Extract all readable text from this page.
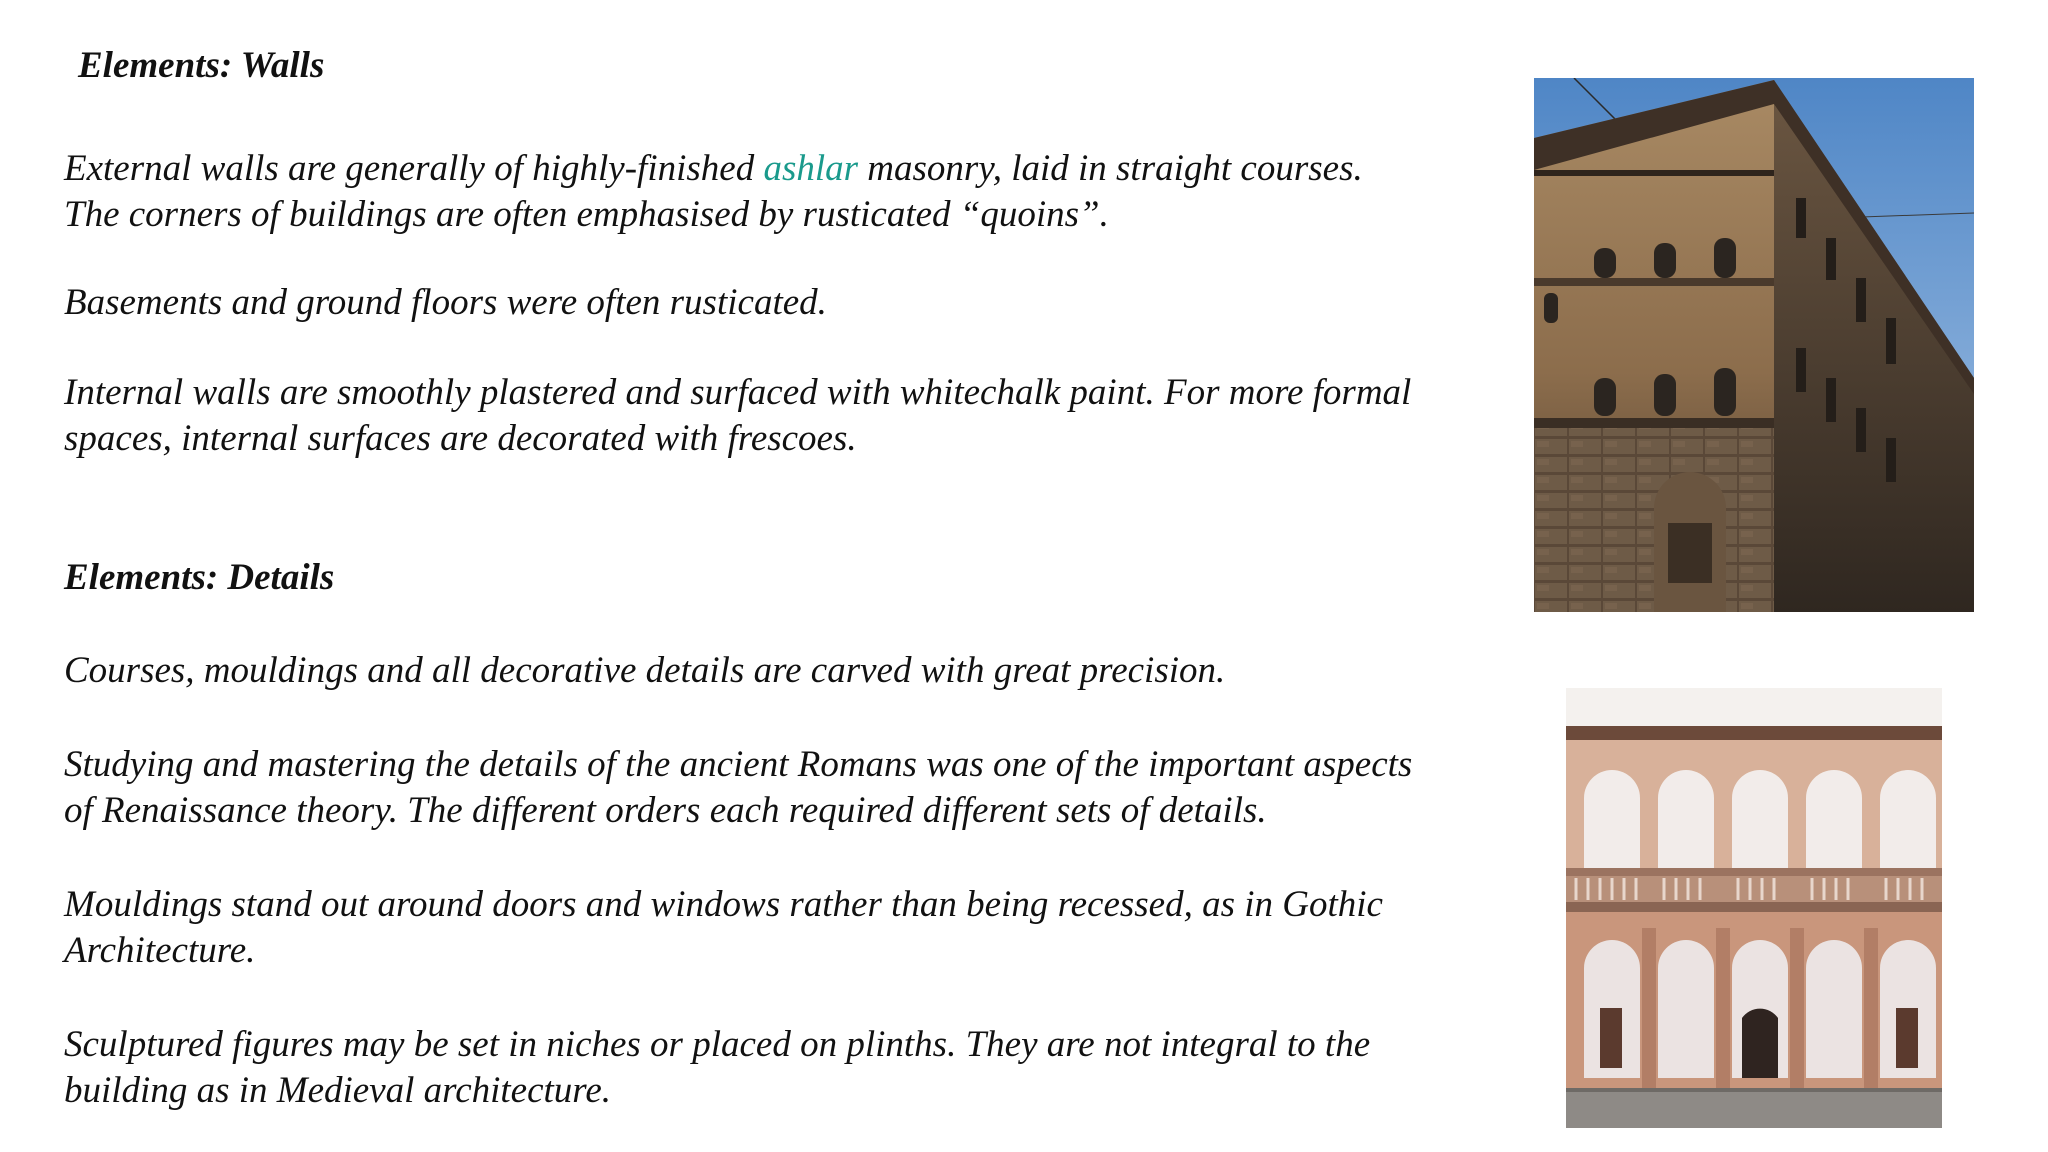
Elements: Walls
External walls are generally of highly-finished ashlar masonry, laid in straight courses.
The corners of buildings are often emphasised by rusticated “quoins”.
Basements and ground floors were often rusticated.
Internal walls are smoothly plastered and surfaced with whitechalk paint. For more formal
spaces, internal surfaces are decorated with frescoes.
Elements: Details
Courses, mouldings and all decorative details are carved with great precision.
Studying and mastering the details of the ancient Romans was one of the important aspects
of Renaissance theory. The different orders each required different sets of details.
Mouldings stand out around doors and windows rather than being recessed, as in Gothic
Architecture.
Sculptured figures may be set in niches or placed on plinths. They are not integral to the
building as in Medieval architecture.
